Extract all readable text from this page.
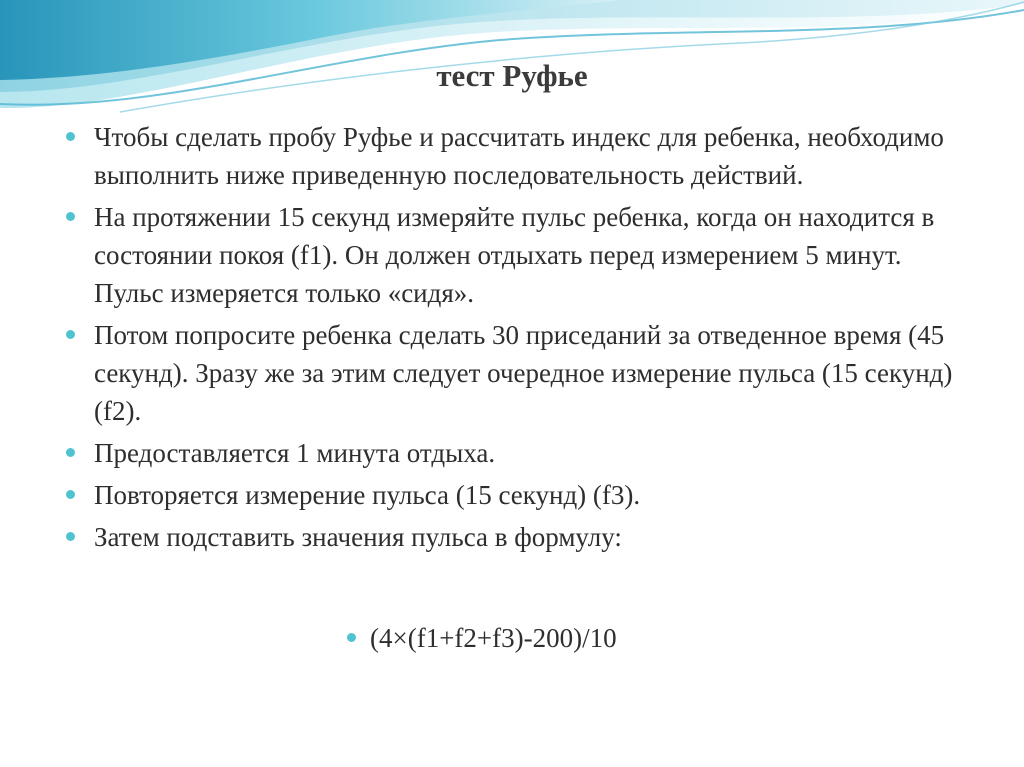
тест Руфье
Чтобы сделать пробу Руфье и рассчитать индекс для ребенка, необходимо выполнить ниже приведенную последовательность действий.
На протяжении 15 секунд измеряйте пульс ребенка, когда он находится в состоянии покоя (f1). Он должен отдыхать перед измерением 5 минут. Пульс измеряется только «сидя».
Потом попросите ребенка сделать 30 приседаний за отведенное время (45 секунд). Зразу же за этим следует очередное измерение пульса (15 секунд) (f2).
Предоставляется 1 минута отдыха.
Повторяется измерение пульса (15 секунд) (f3).
Затем подставить значения пульса в формулу:
(4×(f1+f2+f3)-200)/10
